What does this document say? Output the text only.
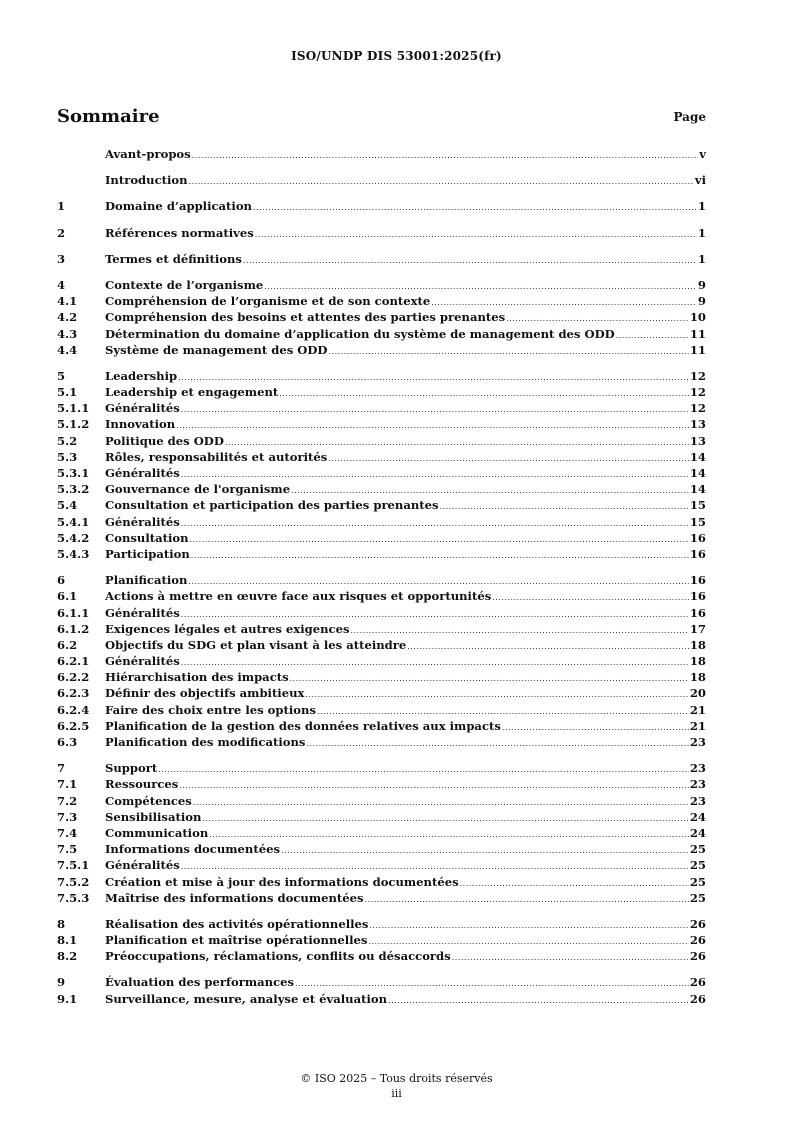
ISO/UNDP DIS 53001:2025(fr)
Sommaire	Page
Avant-propos .....	v
Introduction .....	vi
1	Domaine d’application .....	1
2	Références normatives .....	1
3	Termes et définitions .....	1
4	Contexte de l’organisme .....	9
4.1	Compréhension de l’organisme et de son contexte .....	9
4.2	Compréhension des besoins et attentes des parties prenantes .....	10
4.3	Détermination du domaine d’application du système de management des ODD .....	11
4.4	Système de management des ODD .....	11
5	Leadership .....	12
5.1	Leadership et engagement .....	12
5.1.1	Généralités .....	12
5.1.2	Innovation .....	13
5.2	Politique des ODD .....	13
5.3	Rôles, responsabilités et autorités .....	14
5.3.1	Généralités .....	14
5.3.2	Gouvernance de l'organisme .....	14
5.4	Consultation et participation des parties prenantes .....	15
5.4.1	Généralités .....	15
5.4.2	Consultation .....	16
5.4.3	Participation .....	16
6	Planification .....	16
6.1	Actions à mettre en œuvre face aux risques et opportunités .....	16
6.1.1	Généralités .....	16
6.1.2	Exigences légales et autres exigences .....	17
6.2	Objectifs du SDG et plan visant à les atteindre .....	18
6.2.1	Généralités .....	18
6.2.2	Hiérarchisation des impacts .....	18
6.2.3	Définir des objectifs ambitieux .....	20
6.2.4	Faire des choix entre les options .....	21
6.2.5	Planification de la gestion des données relatives aux impacts .....	21
6.3	Planification des modifications .....	23
7	Support .....	23
7.1	Ressources .....	23
7.2	Compétences .....	23
7.3	Sensibilisation .....	24
7.4	Communication .....	24
7.5	Informations documentées .....	25
7.5.1	Généralités .....	25
7.5.2	Création et mise à jour des informations documentées .....	25
7.5.3	Maîtrise des informations documentées .....	25
8	Réalisation des activités opérationnelles .....	26
8.1	Planification et maîtrise opérationnelles .....	26
8.2	Préoccupations, réclamations, conflits ou désaccords .....	26
9	Évaluation des performances .....	26
9.1	Surveillance, mesure, analyse et évaluation .....	26
© ISO 2025 – Tous droits réservés
iii
